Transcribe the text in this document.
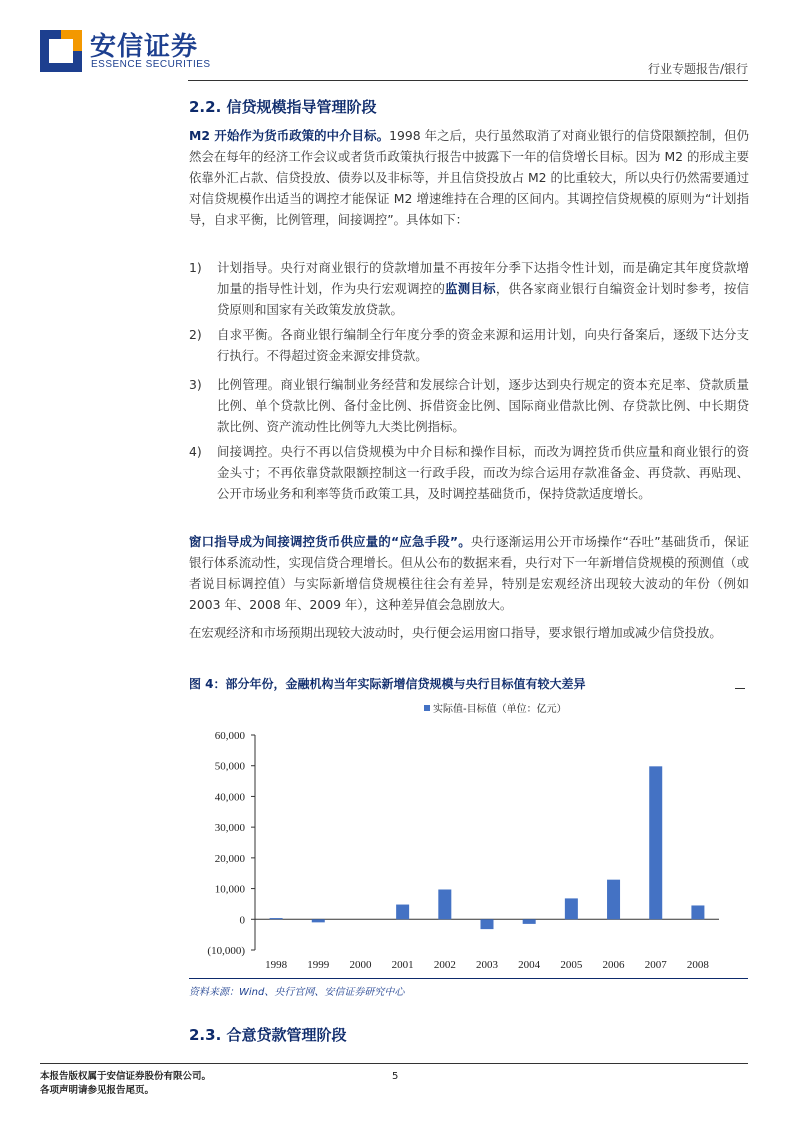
安信证券
ESSENCE SECURITIES	行业专题报告/银行
2.2. 信贷规模指导管理阶段
M2 开始作为货币政策的中介目标。1998 年之后，央行虽然取消了对商业银行的信贷限额控制，但仍然会在每年的经济工作会议或者货币政策执行报告中披露下一年的信贷增长目标。因为 M2 的形成主要依靠外汇占款、信贷投放、债券以及非标等，并且信贷投放占 M2 的比重较大，所以央行仍然需要通过对信贷规模作出适当的调控才能保证 M2 增速维持在合理的区间内。其调控信贷规模的原则为“计划指导，自求平衡，比例管理，间接调控”。具体如下：
1)	计划指导。央行对商业银行的贷款增加量不再按年分季下达指令性计划，而是确定其年度贷款增加量的指导性计划，作为央行宏观调控的监测目标，供各家商业银行自编资金计划时参考，按信贷原则和国家有关政策发放贷款。
2)	自求平衡。各商业银行编制全行年度分季的资金来源和运用计划，向央行备案后，逐级下达分支行执行。不得超过资金来源安排贷款。
3)	比例管理。商业银行编制业务经营和发展综合计划，逐步达到央行规定的资本充足率、贷款质量比例、单个贷款比例、备付金比例、拆借资金比例、国际商业借款比例、存贷款比例、中长期贷款比例、资产流动性比例等九大类比例指标。
4)	间接调控。央行不再以信贷规模为中介目标和操作目标，而改为调控货币供应量和商业银行的资金头寸；不再依靠贷款限额控制这一行政手段，而改为综合运用存款准备金、再贷款、再贴现、公开市场业务和利率等货币政策工具，及时调控基础货币，保持贷款适度增长。
窗口指导成为间接调控货币供应量的“应急手段”。央行逐渐运用公开市场操作“吞吐”基础货币，保证银行体系流动性，实现信贷合理增长。但从公布的数据来看，央行对下一年新增信贷规模的预测值（或者说目标调控值）与实际新增信贷规模往往会有差异，特别是宏观经济出现较大波动的年份（例如 2003 年、2008 年、2009 年），这种差异值会急剧放大。
在宏观经济和市场预期出现较大波动时，央行便会运用窗口指导，要求银行增加或减少信贷投放。
图 4：部分年份，金融机构当年实际新增信贷规模与央行目标值有较大差异
实际值-目标值（单位：亿元）
(10,000)
0
10,000
20,000
30,000
40,000
50,000
60,000
1998 1999 2000 2001 2002 2003 2004 2005 2006 2007 2008
资料来源：Wind、央行官网、安信证券研究中心
2.3. 合意贷款管理阶段
本报告版权属于安信证券股份有限公司。
各项声明请参见报告尾页。
5
